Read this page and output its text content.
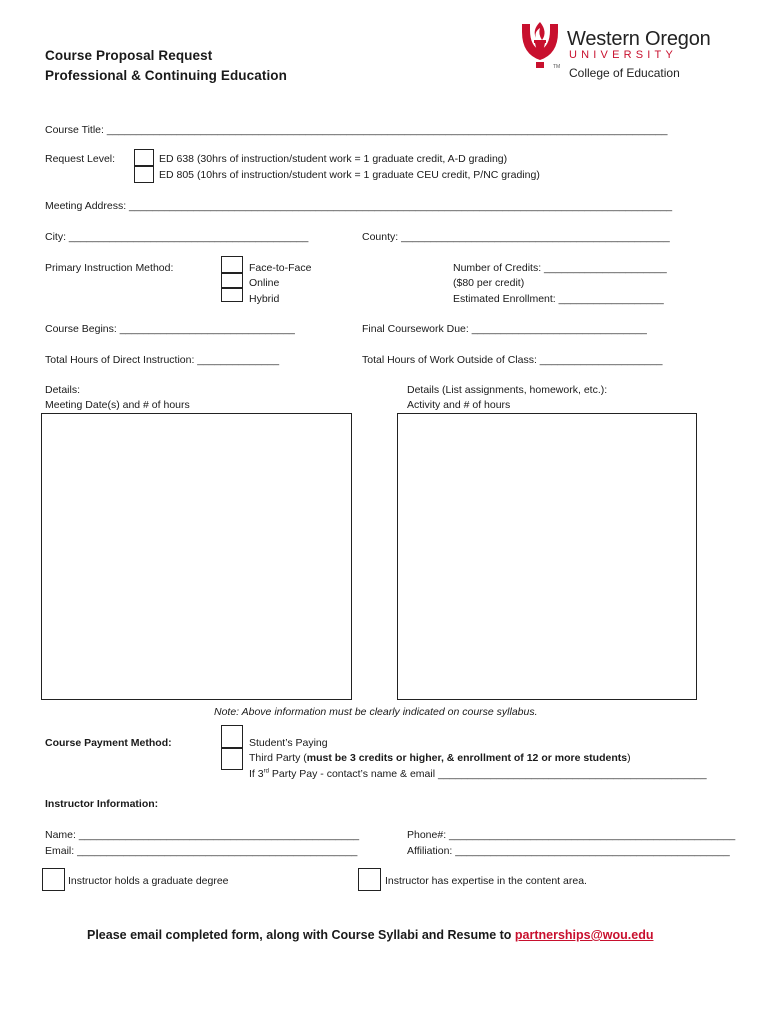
Course Proposal Request
Professional & Continuing Education
TM
Western Oregon
UNIVERSITY
College of Education
Course Title: ________________________________________________________________________________________________
Request Level:	ED 638 (30hrs of instruction/student work = 1 graduate credit, A-D grading)
ED 805 (10hrs of instruction/student work = 1 graduate CEU credit, P/NC grading)
Meeting Address: _____________________________________________________________________________________________
City: _________________________________________	County: ______________________________________________
Primary Instruction Method:	Face-to-Face
Online
Hybrid
Number of Credits: _____________________
($80 per credit)
Estimated Enrollment: __________________
Course Begins: ______________________________	Final Coursework Due: ______________________________
Total Hours of Direct Instruction: ______________	Total Hours of Work Outside of Class: _____________________
Details:
Meeting Date(s) and # of hours
Details (List assignments, homework, etc.):
Activity and # of hours
Note: Above information must be clearly indicated on course syllabus.
Course Payment Method:	Student’s Paying
Third Party (must be 3 credits or higher, & enrollment of 12 or more students)
If 3rd Party Pay - contact’s name & email ______________________________________________
Instructor Information:
Name: ________________________________________________
Email: ________________________________________________
Phone#: _________________________________________________
Affiliation: _______________________________________________
Instructor holds a graduate degree	Instructor has expertise in the content area.
Please email completed form, along with Course Syllabi and Resume to partnerships@wou.edu
